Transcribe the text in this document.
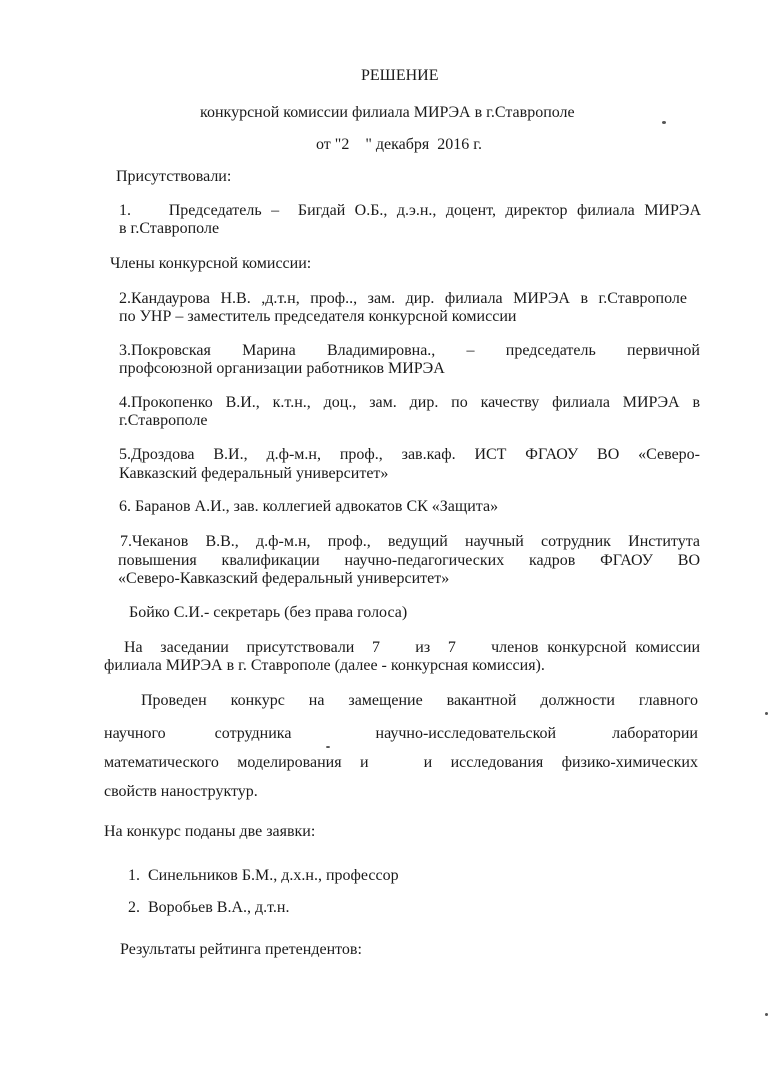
РЕШЕНИЕ
конкурсной комиссии филиала МИРЭА в г.Ставрополе
от "2    " декабря  2016 г.
Присутствовали:
1.    Председатель –  Бигдай О.Б., д.э.н., доцент, директор филиала МИРЭА
в г.Ставрополе
Члены конкурсной комиссии:
2.Кандаурова Н.В. ,д.т.н, проф.., зам. дир. филиала МИРЭА в г.Ставрополе
по УНР – заместитель председателя конкурсной комиссии
3.Покровская Марина Владимировна., – председатель первичной
профсоюзной организации работников МИРЭА
4.Прокопенко В.И., к.т.н., доц., зам. дир. по качеству филиала МИРЭА в
г.Ставрополе
5.Дроздова В.И., д.ф-м.н, проф., зав.каф. ИСТ ФГАОУ ВО «Северо-
Кавказский федеральный университет»
6. Баранов А.И., зав. коллегией адвокатов СК «Защита»
7.Чеканов В.В., д.ф-м.н, проф., ведущий научный сотрудник Института
повышения квалификации научно-педагогических кадров ФГАОУ ВО
«Северо-Кавказский федеральный университет»
Бойко С.И.- секретарь (без права голоса)
На  заседании  присутствовали  7    из  7    членов конкурсной комиссии
филиала МИРЭА в г. Ставрополе (далее - конкурсная комиссия).
Проведен конкурс на замещение вакантной должности главного
научного       сотрудника            научно-исследовательской        лаборатории
математического моделирования и   и исследования физико-химических
свойств наноструктур.
На конкурс поданы две заявки:
1.  Синельников Б.М., д.х.н., профессор
2.  Воробьев В.А., д.т.н.
Результаты рейтинга претендентов:
